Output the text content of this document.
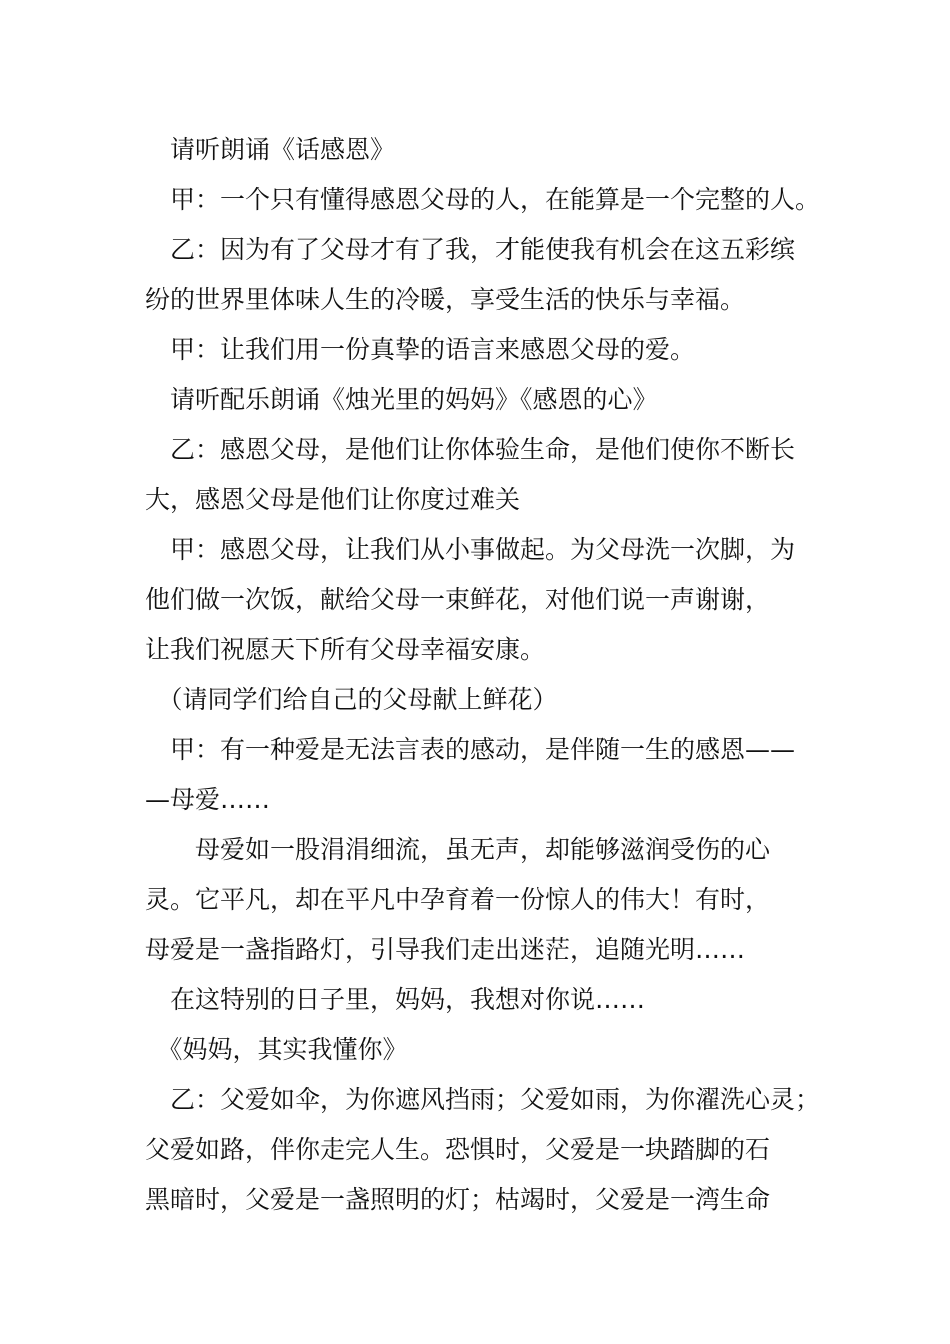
　请听朗诵《话感恩》

　甲：一个只有懂得感恩父母的人，在能算是一个完整的人。

　乙：因为有了父母才有了我，才能使我有机会在这五彩缤

纷的世界里体味人生的冷暖，享受生活的快乐与幸福。

　甲：让我们用一份真挚的语言来感恩父母的爱。

　请听配乐朗诵《烛光里的妈妈》《感恩的心》

　乙：感恩父母，是他们让你体验生命，是他们使你不断长

大，感恩父母是他们让你度过难关

　甲：感恩父母，让我们从小事做起。为父母洗一次脚，为

他们做一次饭，献给父母一束鲜花，对他们说一声谢谢，

让我们祝愿天下所有父母幸福安康。

　（请同学们给自己的父母献上鲜花）

　甲：有一种爱是无法言表的感动，是伴随一生的感恩——

—母爱……

　　母爱如一股涓涓细流，虽无声，却能够滋润受伤的心

灵。它平凡，却在平凡中孕育着一份惊人的伟大！有时，

母爱是一盏指路灯，引导我们走出迷茫，追随光明……

　在这特别的日子里，妈妈，我想对你说……

　《妈妈，其实我懂你》

　乙：父爱如伞，为你遮风挡雨；父爱如雨，为你濯洗心灵；

父爱如路，伴你走完人生。恐惧时，父爱是一块踏脚的石

黑暗时，父爱是一盏照明的灯；枯竭时，父爱是一湾生命
